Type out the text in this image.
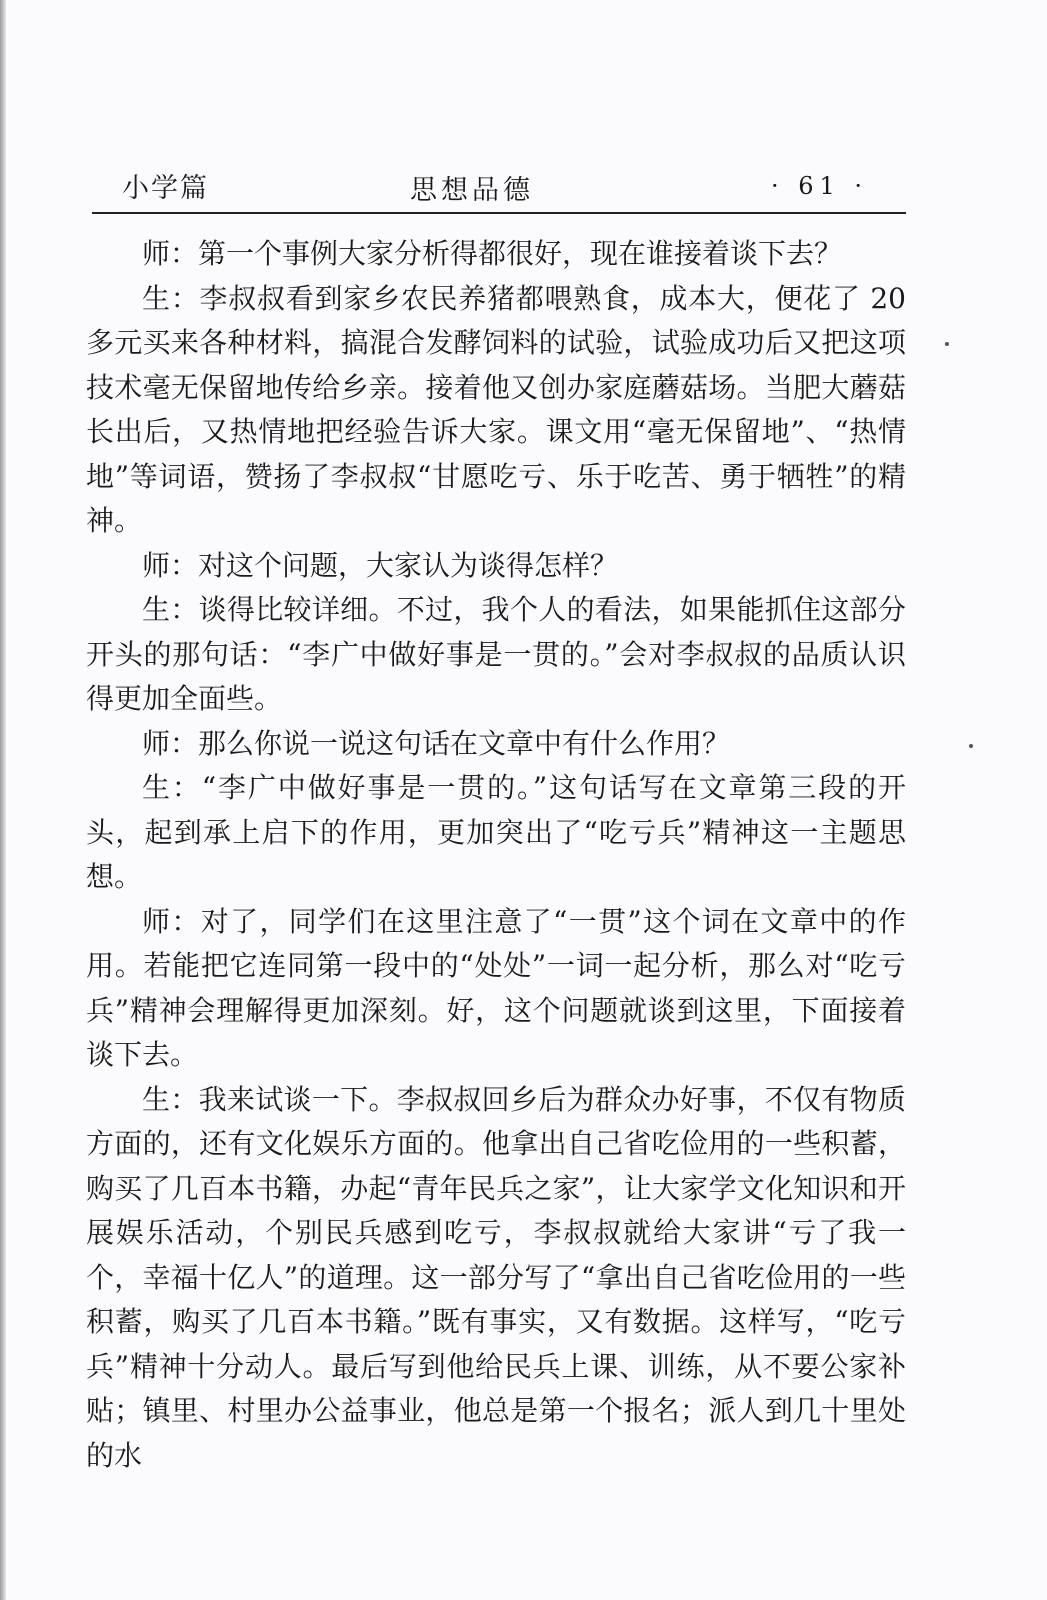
小学篇	思想品德	· 61 ·

师：第一个事例大家分析得都很好，现在谁接着谈下去？

生：李叔叔看到家乡农民养猪都喂熟食，成本大，便花了 20 多元买来各种材料，搞混合发酵饲料的试验，试验成功后又把这项技术毫无保留地传给乡亲。接着他又创办家庭蘑菇场。当肥大蘑菇长出后，又热情地把经验告诉大家。课文用“毫无保留地”、“热情地”等词语，赞扬了李叔叔“甘愿吃亏、乐于吃苦、勇于牺牲”的精神。

师：对这个问题，大家认为谈得怎样？

生：谈得比较详细。不过，我个人的看法，如果能抓住这部分开头的那句话：“李广中做好事是一贯的。”会对李叔叔的品质认识得更加全面些。

师：那么你说一说这句话在文章中有什么作用？

生：“李广中做好事是一贯的。”这句话写在文章第三段的开头，起到承上启下的作用，更加突出了“吃亏兵”精神这一主题思想。

师：对了，同学们在这里注意了“一贯”这个词在文章中的作用。若能把它连同第一段中的“处处”一词一起分析，那么对“吃亏兵”精神会理解得更加深刻。好，这个问题就谈到这里，下面接着谈下去。

生：我来试谈一下。李叔叔回乡后为群众办好事，不仅有物质方面的，还有文化娱乐方面的。他拿出自己省吃俭用的一些积蓄，购买了几百本书籍，办起“青年民兵之家”，让大家学文化知识和开展娱乐活动，个别民兵感到吃亏，李叔叔就给大家讲“亏了我一个，幸福十亿人”的道理。这一部分写了“拿出自己省吃俭用的一些积蓄，购买了几百本书籍。”既有事实，又有数据。这样写，“吃亏兵”精神十分动人。最后写到他给民兵上课、训练，从不要公家补贴；镇里、村里办公益事业，他总是第一个报名；派人到几十里处的水
